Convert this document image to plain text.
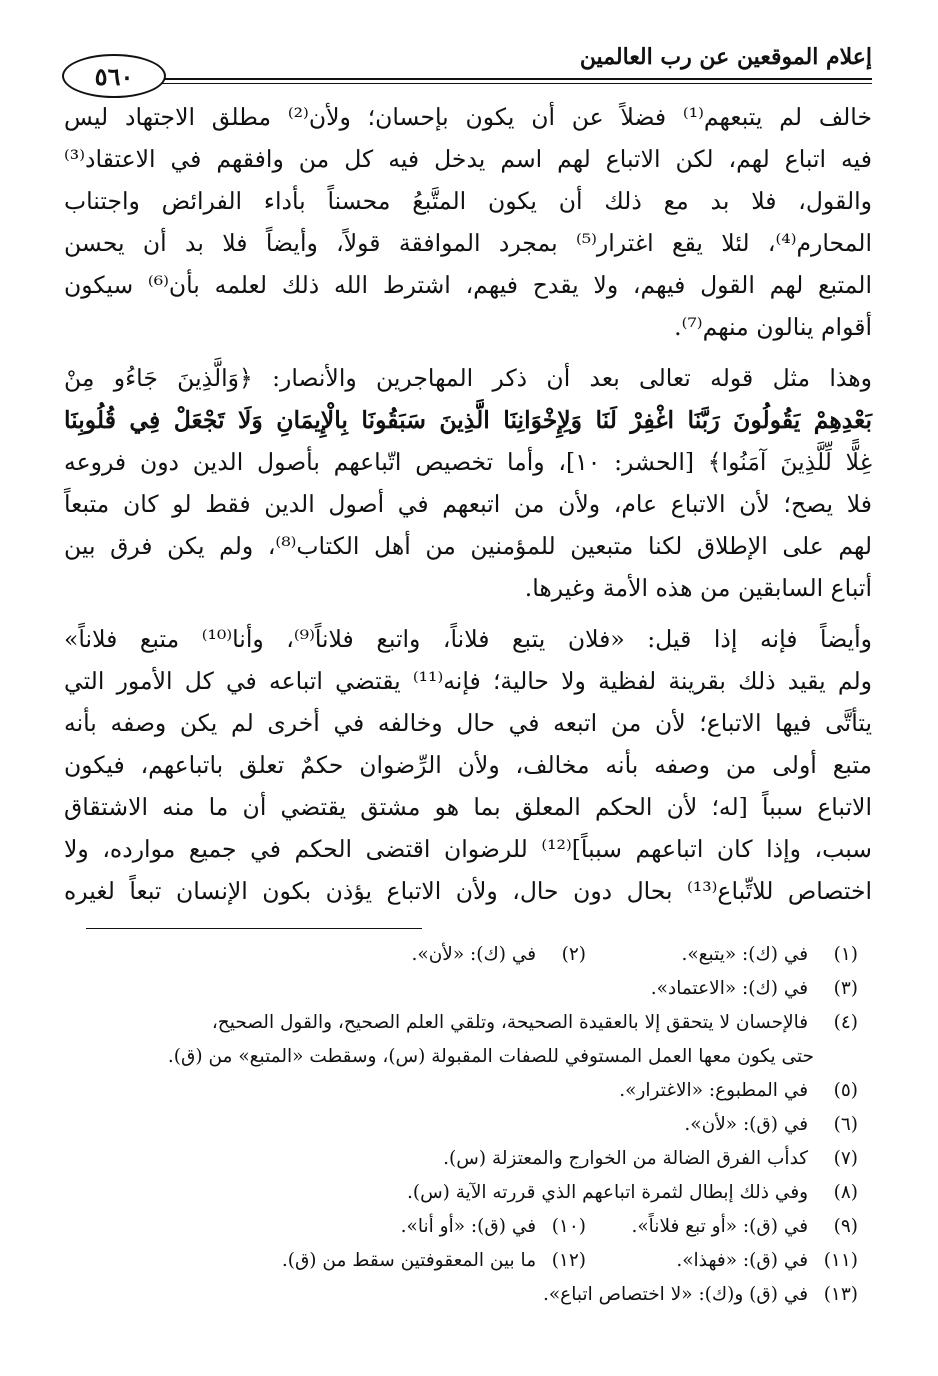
إعلام الموقعين عن رب العالمين
٥٦٠
خالف لم يتبعهم⁽¹⁾ فضلاً عن أن يكون بإحسان؛ ولأن⁽²⁾ مطلق الاجتهاد ليس
فيه اتباع لهم، لكن الاتباع لهم اسم يدخل فيه كل من وافقهم في الاعتقاد⁽³⁾
والقول، فلا بد مع ذلك أن يكون المتَّبعُ محسناً بأداء الفرائض واجتناب
المحارم⁽⁴⁾، لئلا يقع اغترار⁽⁵⁾ بمجرد الموافقة قولاً، وأيضاً فلا بد أن يحسن
المتبع لهم القول فيهم، ولا يقدح فيهم، اشترط الله ذلك لعلمه بأن⁽⁶⁾ سيكون
أقوام ينالون منهم⁽⁷⁾.
وهذا مثل قوله تعالى بعد أن ذكر المهاجرين والأنصار: ﴿وَالَّذِينَ جَاءُو مِنْ
بَعْدِهِمْ يَقُولُونَ رَبَّنَا اغْفِرْ لَنَا وَلِإِخْوَانِنَا الَّذِينَ سَبَقُونَا بِالْإِيمَانِ وَلَا تَجْعَلْ فِي قُلُوبِنَا
غِلًّا لِّلَّذِينَ آمَنُوا﴾ [الحشر: ١٠]، وأما تخصيص اتّباعهم بأصول الدين دون فروعه
فلا يصح؛ لأن الاتباع عام، ولأن من اتبعهم في أصول الدين فقط لو كان متبعاً
لهم على الإطلاق لكنا متبعين للمؤمنين من أهل الكتاب⁽⁸⁾، ولم يكن فرق بين
أتباع السابقين من هذه الأمة وغيرها.
وأيضاً فإنه إذا قيل: «فلان يتبع فلاناً، واتبع فلاناً⁽⁹⁾، وأنا⁽¹⁰⁾ متبع فلاناً»
ولم يقيد ذلك بقرينة لفظية ولا حالية؛ فإنه⁽¹¹⁾ يقتضي اتباعه في كل الأمور التي
يتأتَّى فيها الاتباع؛ لأن من اتبعه في حال وخالفه في أخرى لم يكن وصفه بأنه
متبع أولى من وصفه بأنه مخالف، ولأن الرِّضوان حكمٌ تعلق باتباعهم، فيكون
الاتباع سبباً [له؛ لأن الحكم المعلق بما هو مشتق يقتضي أن ما منه الاشتقاق
سبب، وإذا كان اتباعهم سبباً]⁽¹²⁾ للرضوان اقتضى الحكم في جميع موارده، ولا
اختصاص للاتِّباع⁽¹³⁾ بحال دون حال، ولأن الاتباع يؤذن بكون الإنسان تبعاً لغيره
(١) في (ك): «يتبع».
(٢) في (ك): «لأن».
(٣) في (ك): «الاعتماد».
(٤) فالإحسان لا يتحقق إلا بالعقيدة الصحيحة، وتلقي العلم الصحيح، والقول الصحيح،
حتى يكون معها العمل المستوفي للصفات المقبولة (س)، وسقطت «المتبع» من (ق).
(٥) في المطبوع: «الاغترار».
(٦) في (ق): «لأن».
(٧) كدأب الفرق الضالة من الخوارج والمعتزلة (س).
(٨) وفي ذلك إبطال لثمرة اتباعهم الذي قررته الآية (س).
(٩) في (ق): «أو تبع فلاناً».
(١٠) في (ق): «أو أنا».
(١١) في (ق): «فهذا».
(١٢) ما بين المعقوفتين سقط من (ق).
(١٣) في (ق) و(ك): «لا اختصاص اتباع».
